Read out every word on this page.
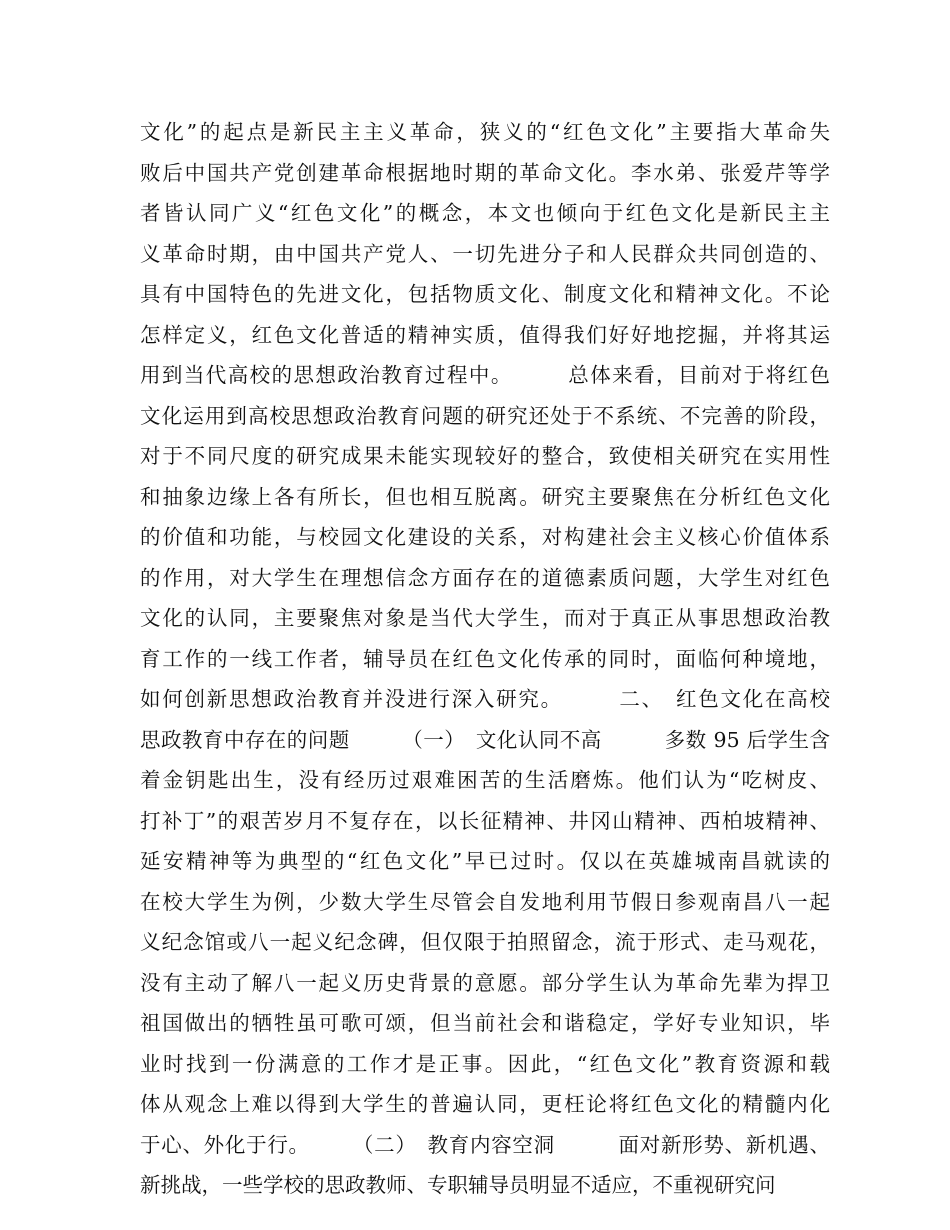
文化”的起点是新民主主义革命，狭义的“红色文化”主要指大革命失
败后中国共产党创建革命根据地时期的革命文化。李水弟、张爱芹等学
者皆认同广义“红色文化”的概念，本文也倾向于红色文化是新民主主
义革命时期，由中国共产党人、一切先进分子和人民群众共同创造的、
具有中国特色的先进文化，包括物质文化、制度文化和精神文化。不论
怎样定义，红色文化普适的精神实质，值得我们好好地挖掘，并将其运
用到当代高校的思想政治教育过程中。　　　总体来看，目前对于将红色
文化运用到高校思想政治教育问题的研究还处于不系统、不完善的阶段，
对于不同尺度的研究成果未能实现较好的整合，致使相关研究在实用性
和抽象边缘上各有所长，但也相互脱离。研究主要聚焦在分析红色文化
的价值和功能，与校园文化建设的关系，对构建社会主义核心价值体系
的作用，对大学生在理想信念方面存在的道德素质问题，大学生对红色
文化的认同，主要聚焦对象是当代大学生，而对于真正从事思想政治教
育工作的一线工作者，辅导员在红色文化传承的同时，面临何种境地，
如何创新思想政治教育并没进行深入研究。　　　二、　红色文化在高校
思政教育中存在的问题　　　（一）　文化认同不高　　　多数 95 后学生含
着金钥匙出生，没有经历过艰难困苦的生活磨炼。他们认为“吃树皮、
打补丁”的艰苦岁月不复存在，以长征精神、井冈山精神、西柏坡精神、
延安精神等为典型的“红色文化”早已过时。仅以在英雄城南昌就读的
在校大学生为例，少数大学生尽管会自发地利用节假日参观南昌八一起
义纪念馆或八一起义纪念碑，但仅限于拍照留念，流于形式、走马观花，
没有主动了解八一起义历史背景的意愿。部分学生认为革命先辈为捍卫
祖国做出的牺牲虽可歌可颂，但当前社会和谐稳定，学好专业知识，毕
业时找到一份满意的工作才是正事。因此，“红色文化”教育资源和载
体从观念上难以得到大学生的普遍认同，更枉论将红色文化的精髓内化
于心、外化于行。　　　（二）　教育内容空洞　　　面对新形势、新机遇、
新挑战，一些学校的思政教师、专职辅导员明显不适应，不重视研究问
